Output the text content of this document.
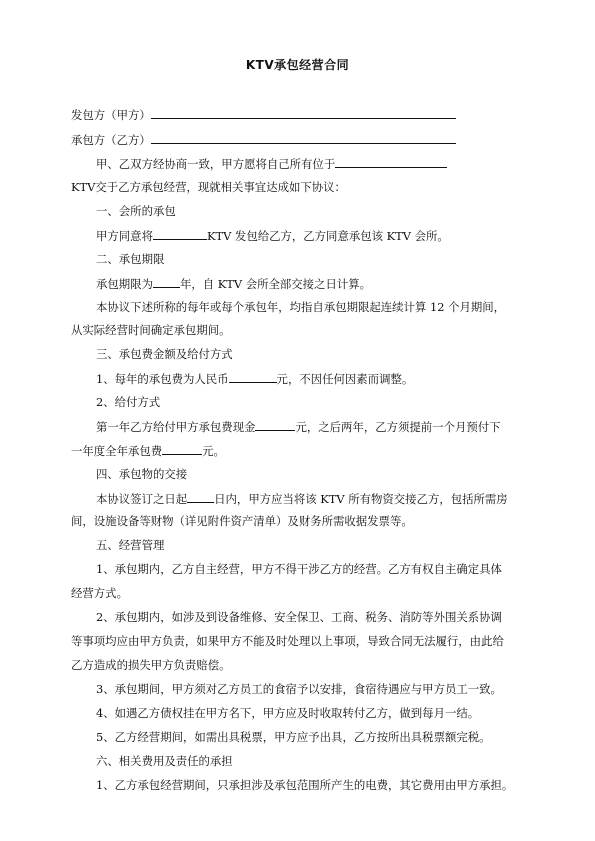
KTV承包经营合同
发包方（甲方）
承包方（乙方）
甲、乙双方经协商一致，甲方愿将自己所有位于
KTV交于乙方承包经营，现就相关事宜达成如下协议：
一、会所的承包
甲方同意将	KTV 发包给乙方，乙方同意承包该 KTV 会所。
二、承包期限
承包期限为 年，自 KTV 会所全部交接之日计算。
本协议下述所称的每年或每个承包年，均指自承包期限起连续计算 12 个月期间，
从实际经营时间确定承包期间。
三、承包费金额及给付方式
1、每年的承包费为人民币	元，不因任何因素而调整。
2、给付方式
第一年乙方给付甲方承包费现金	元，之后两年，乙方须提前一个月预付下
一年度全年承包费	元。
四、承包物的交接
本协议签订之日起 日内，甲方应当将该 KTV 所有物资交接乙方，包括所需房
间，设施设备等财物（详见附件资产清单）及财务所需收据发票等。
五、经营管理
1、承包期内，乙方自主经营，甲方不得干涉乙方的经营。乙方有权自主确定具体
经营方式。
2、承包期内，如涉及到设备维修、安全保卫、工商、税务、消防等外围关系协调
等事项均应由甲方负责，如果甲方不能及时处理以上事项，导致合同无法履行，由此给
乙方造成的损失甲方负责赔偿。
3、承包期间，甲方须对乙方员工的食宿予以安排，食宿待遇应与甲方员工一致。
4、如遇乙方债权挂在甲方名下，甲方应及时收取转付乙方，做到每月一结。
5、乙方经营期间，如需出具税票，甲方应予出具，乙方按所出具税票额完税。
六、相关费用及责任的承担
1、乙方承包经营期间，只承担涉及承包范围所产生的电费，其它费用由甲方承担。
